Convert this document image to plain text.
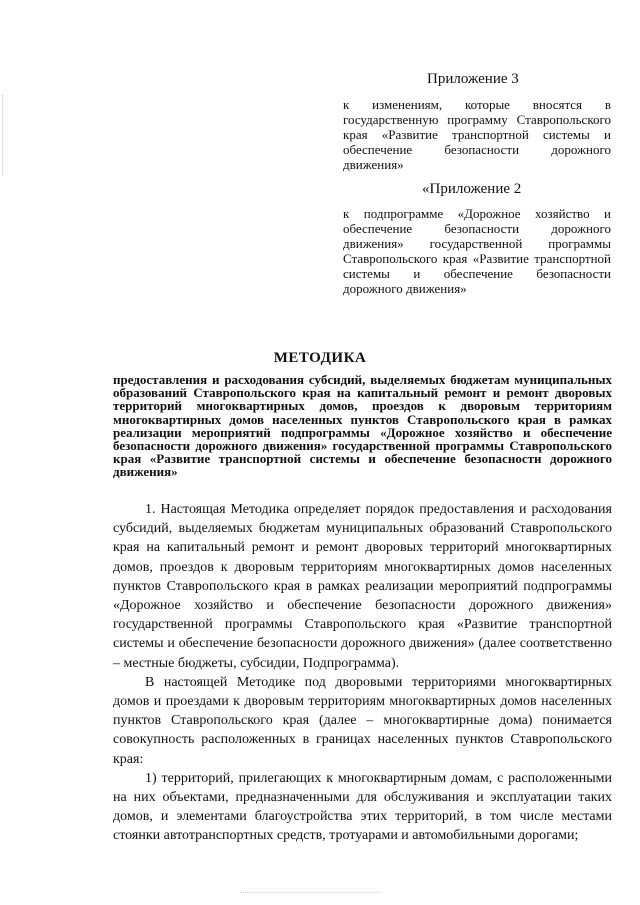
Приложение 3
к изменениям, которые вносятся в государственную программу Ставропольского края «Развитие транспортной системы и обеспечение безопасности дорожного движения»
«Приложение 2
к подпрограмме «Дорожное хозяйство и обеспечение безопасности дорожного движения» государственной программы Ставропольского края «Развитие транспортной системы и обеспечение безопасности дорожного движения»
МЕТОДИКА
предоставления и расходования субсидий, выделяемых бюджетам муниципальных образований Ставропольского края на капитальный ремонт и ремонт дворовых территорий многоквартирных домов, проездов к дворовым территориям многоквартирных домов населенных пунктов Ставропольского края в рамках реализации мероприятий подпрограммы «Дорожное хозяйство и обеспечение безопасности дорожного движения» государственной программы Ставропольского края «Развитие транспортной системы и обеспечение безопасности дорожного движения»

1. Настоящая Методика определяет порядок предоставления и расходования субсидий, выделяемых бюджетам муниципальных образований Ставропольского края на капитальный ремонт и ремонт дворовых территорий многоквартирных домов, проездов к дворовым территориям многоквартирных домов населенных пунктов Ставропольского края в рамках реализации мероприятий подпрограммы «Дорожное хозяйство и обеспечение безопасности дорожного движения» государственной программы Ставропольского края «Развитие транспортной системы и обеспечение безопасности дорожного движения» (далее соответственно – местные бюджеты, субсидии, Подпрограмма).

В настоящей Методике под дворовыми территориями многоквартирных домов и проездами к дворовым территориям многоквартирных домов населенных пунктов Ставропольского края (далее – многоквартирные дома) понимается совокупность расположенных в границах населенных пунктов Ставропольского края:

1) территорий, прилегающих к многоквартирным домам, с расположенными на них объектами, предназначенными для обслуживания и эксплуатации таких домов, и элементами благоустройства этих территорий, в том числе местами стоянки автотранспортных средств, тротуарами и автомобильными дорогами;
